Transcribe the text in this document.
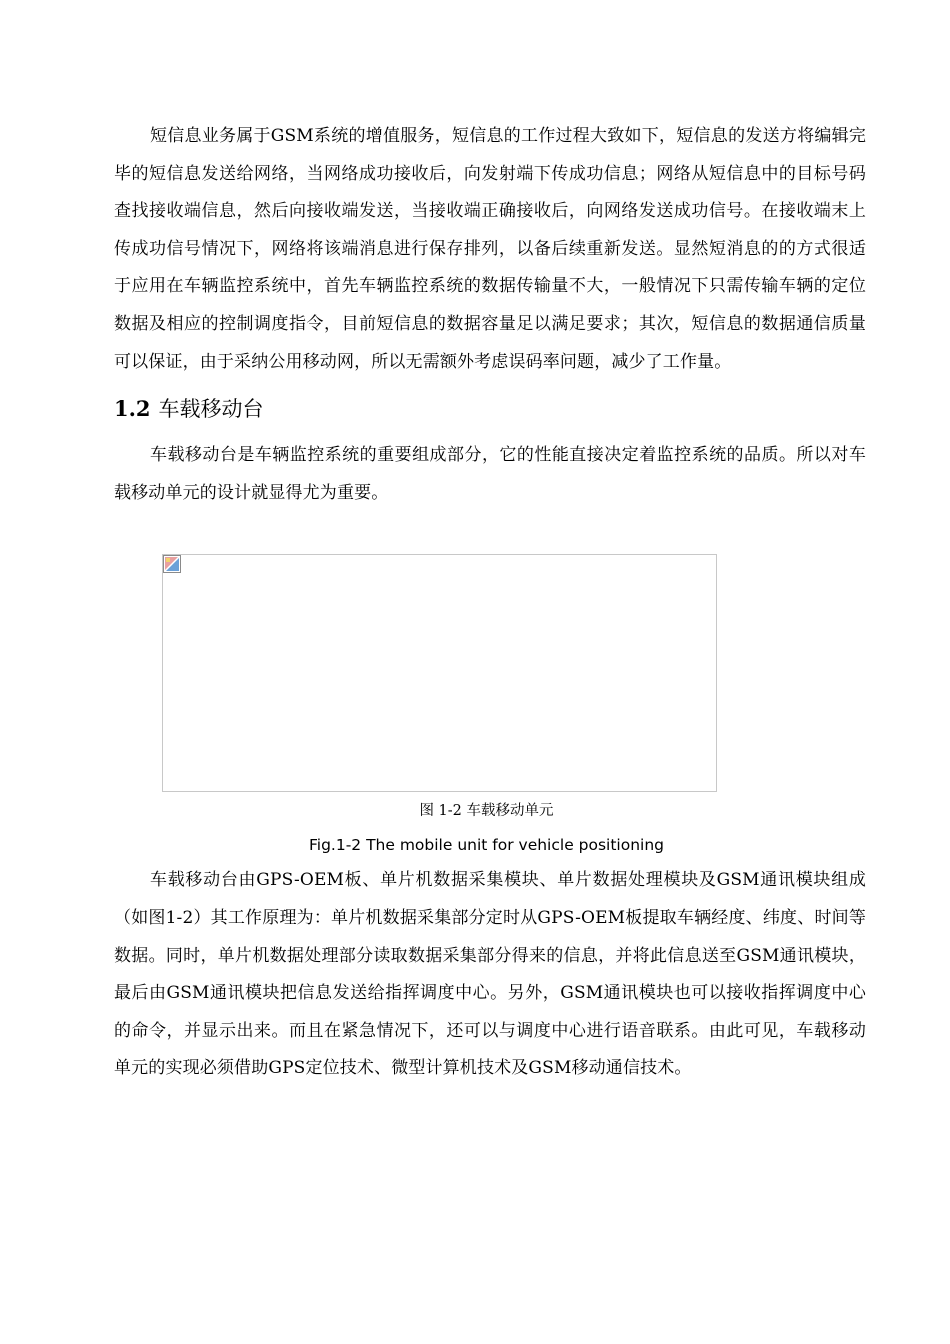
短信息业务属于GSM系统的增值服务，短信息的工作过程大致如下，短信息的发送方将编辑完毕的短信息发送给网络，当网络成功接收后，向发射端下传成功信息；网络从短信息中的目标号码查找接收端信息，然后向接收端发送，当接收端正确接收后，向网络发送成功信号。在接收端末上传成功信号情况下，网络将该端消息进行保存排列，以备后续重新发送。显然短消息的的方式很适于应用在车辆监控系统中，首先车辆监控系统的数据传输量不大，一般情况下只需传输车辆的定位数据及相应的控制调度指令，目前短信息的数据容量足以满足要求；其次，短信息的数据通信质量可以保证，由于采纳公用移动网，所以无需额外考虑误码率问题，减少了工作量。

1.2 车载移动台

车载移动台是车辆监控系统的重要组成部分，它的性能直接决定着监控系统的品质。所以对车载移动单元的设计就显得尤为重要。

图 1-2 车载移动单元
Fig.1-2 The mobile unit for vehicle positioning

车载移动台由GPS-OEM板、单片机数据采集模块、单片数据处理模块及GSM通讯模块组成（如图1-2）其工作原理为：单片机数据采集部分定时从GPS-OEM板提取车辆经度、纬度、时间等数据。同时，单片机数据处理部分读取数据采集部分得来的信息，并将此信息送至GSM通讯模块，最后由GSM通讯模块把信息发送给指挥调度中心。另外，GSM通讯模块也可以接收指挥调度中心的命令，并显示出来。而且在紧急情况下，还可以与调度中心进行语音联系。由此可见，车载移动单元的实现必须借助GPS定位技术、微型计算机技术及GSM移动通信技术。
